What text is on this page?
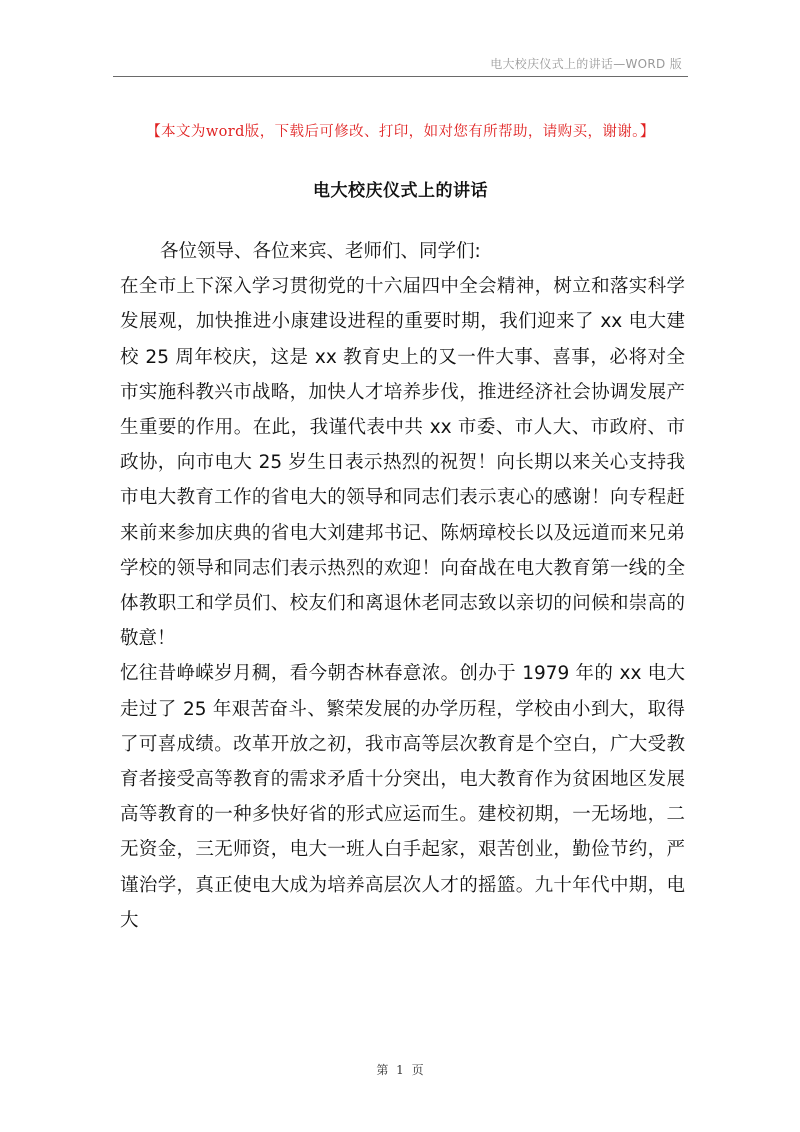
电大校庆仪式上的讲话—WORD 版
【本文为word版，下载后可修改、打印，如对您有所帮助，请购买，谢谢。】
电大校庆仪式上的讲话

各位领导、各位来宾、老师们、同学们:

在全市上下深入学习贯彻党的十六届四中全会精神，树立和落实科学发展观，加快推进小康建设进程的重要时期，我们迎来了 xx 电大建校 25 周年校庆，这是 xx 教育史上的又一件大事、喜事，必将对全市实施科教兴市战略，加快人才培养步伐，推进经济社会协调发展产生重要的作用。在此，我谨代表中共 xx 市委、市人大、市政府、市政协，向市电大 25 岁生日表示热烈的祝贺！向长期以来关心支持我市电大教育工作的省电大的领导和同志们表示衷心的感谢！向专程赶来前来参加庆典的省电大刘建邦书记、陈炳璋校长以及远道而来兄弟学校的领导和同志们表示热烈的欢迎！向奋战在电大教育第一线的全体教职工和学员们、校友们和离退休老同志致以亲切的问候和崇高的敬意！

忆往昔峥嵘岁月稠，看今朝杏林春意浓。创办于 1979 年的 xx 电大走过了 25 年艰苦奋斗、繁荣发展的办学历程，学校由小到大，取得了可喜成绩。改革开放之初，我市高等层次教育是个空白，广大受教育者接受高等教育的需求矛盾十分突出，电大教育作为贫困地区发展高等教育的一种多快好省的形式应运而生。建校初期，一无场地，二无资金，三无师资，电大一班人白手起家，艰苦创业，勤俭节约，严谨治学，真正使电大成为培养高层次人才的摇篮。九十年代中期，电大

第 1 页
